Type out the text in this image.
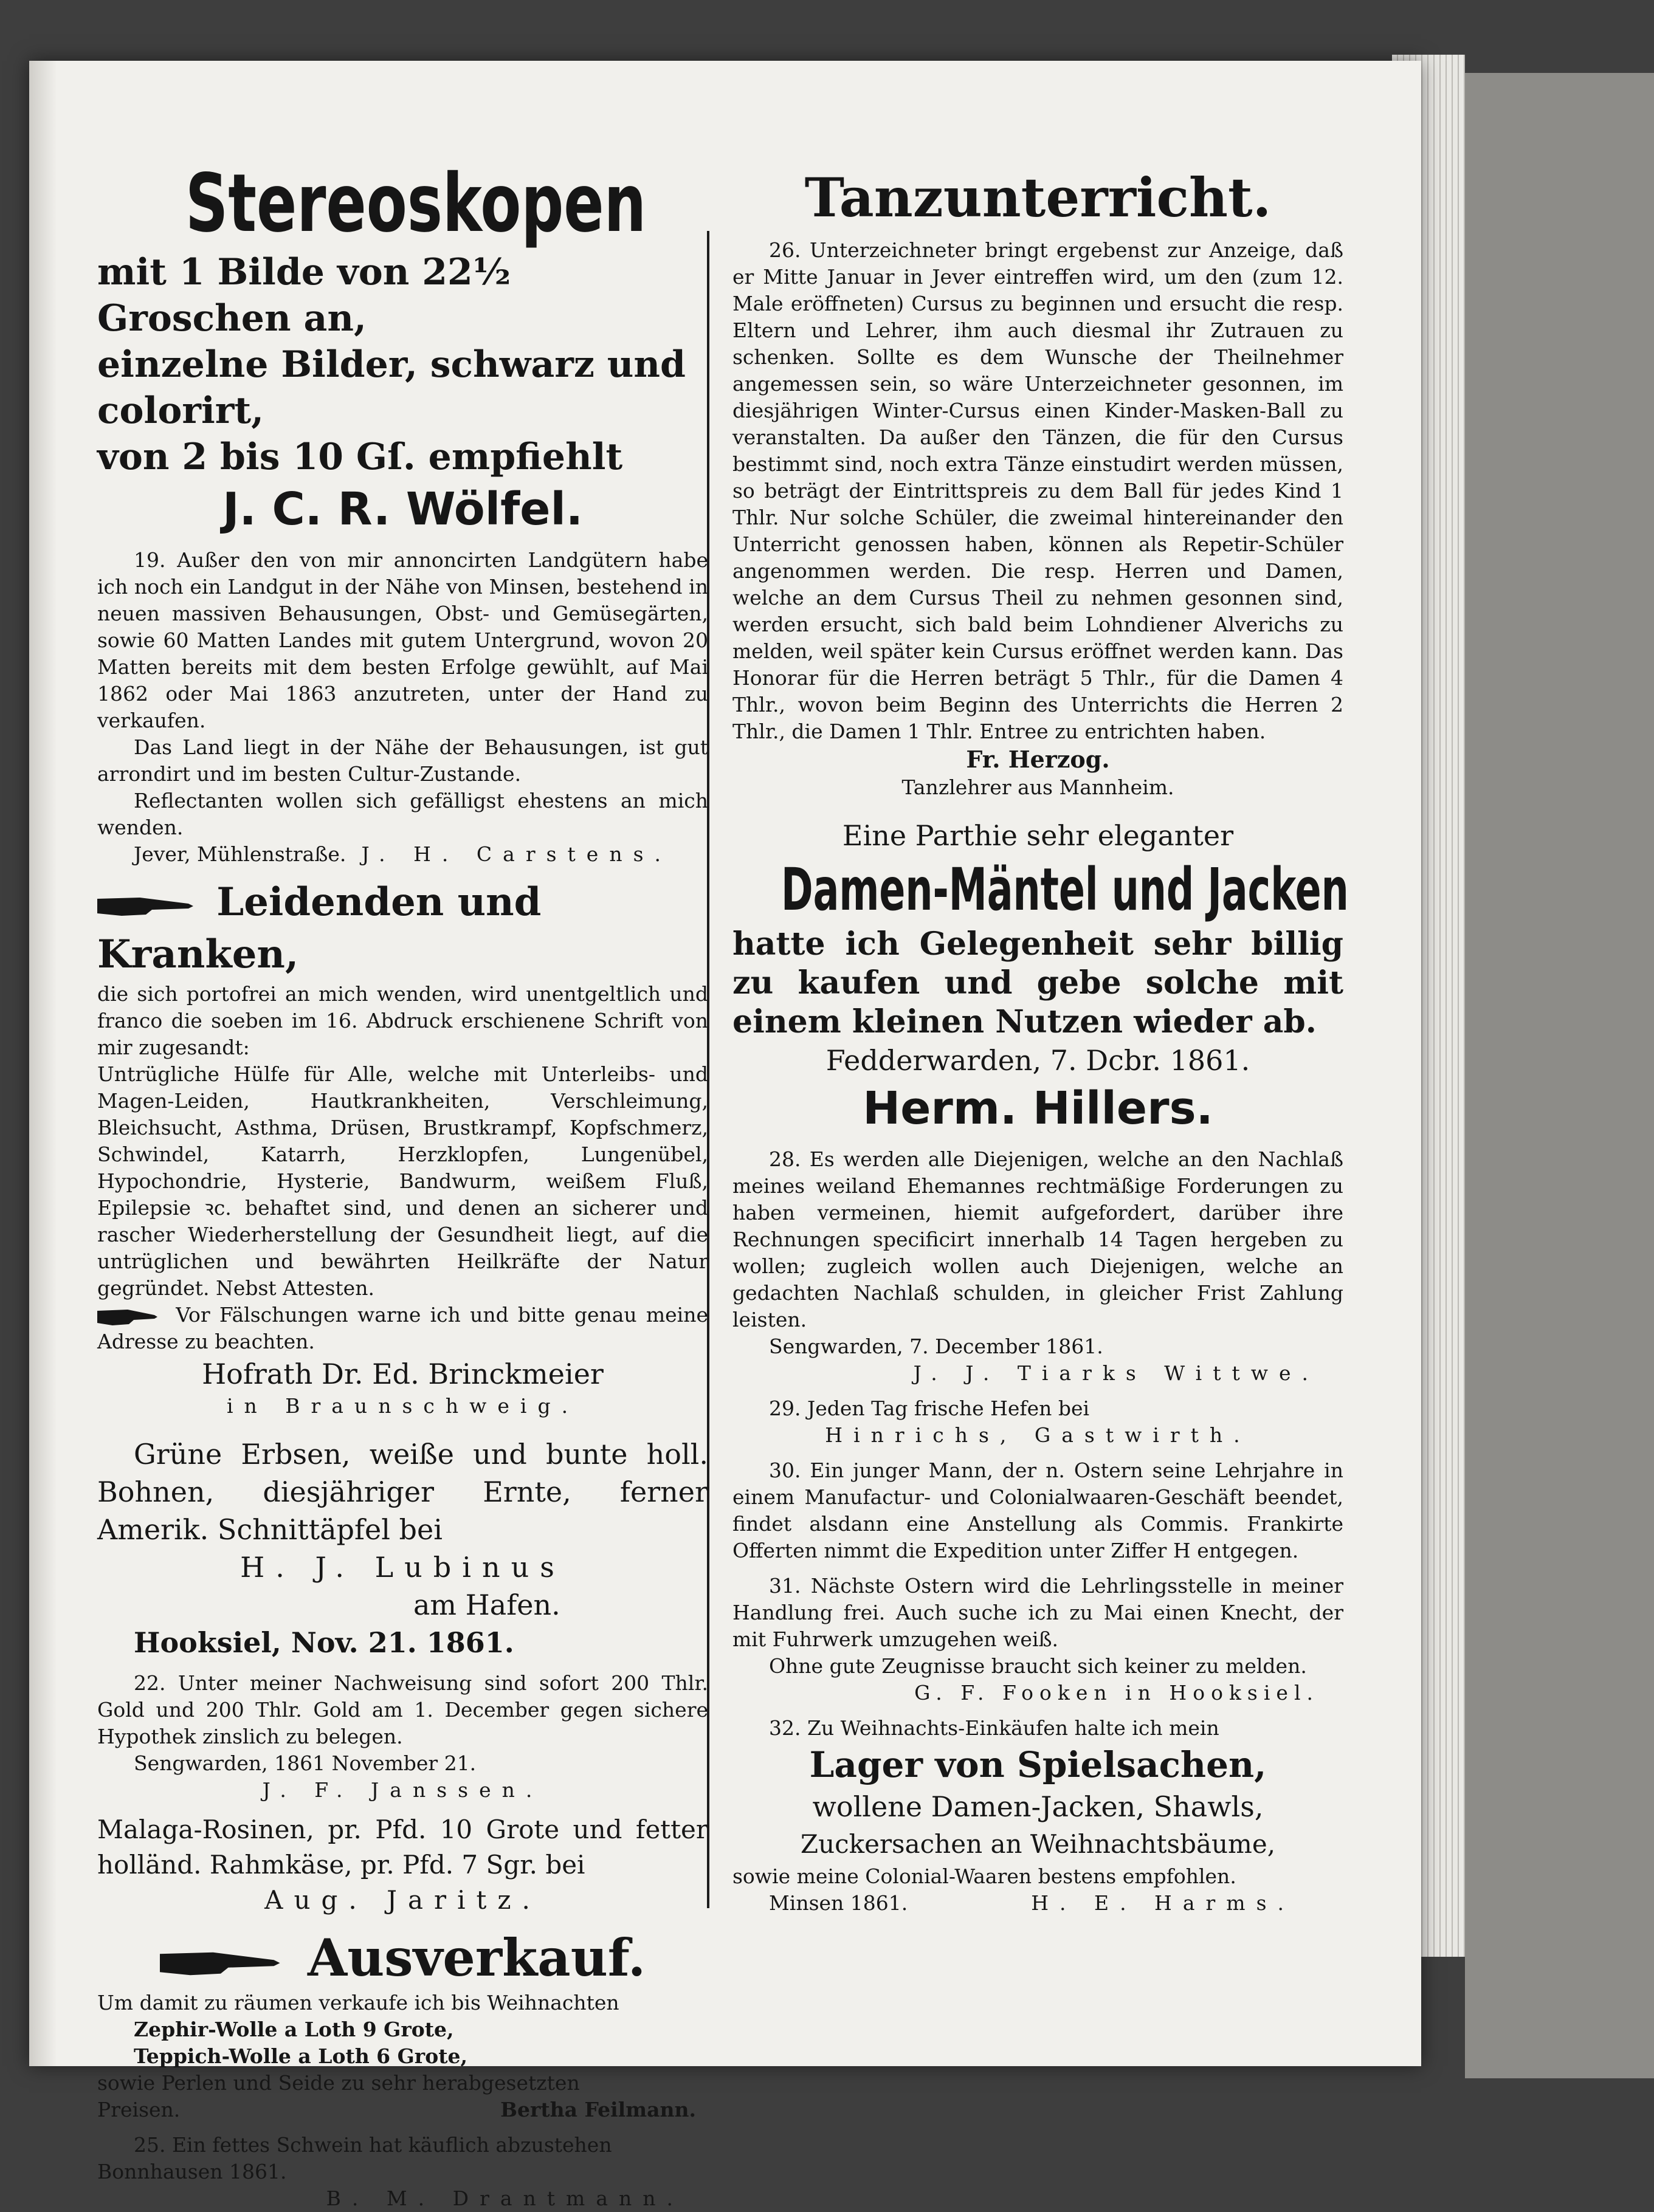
Stereoskopen

mit 1 Bilde von 22½ Groschen an,

einzelne Bilder, schwarz und colorirt,

von 2 bis 10 Gſ. empfiehlt

J. C. R. Wölfel.

19. Außer den von mir annoncirten Landgütern habe ich noch ein Landgut in der Nähe von Minsen, bestehend in neuen massiven Behausungen, Obst- und Gemüsegärten, sowie 60 Matten Landes mit gutem Untergrund, wovon 20 Matten bereits mit dem besten Erfolge gewühlt, auf Mai 1862 oder Mai 1863 anzutreten, unter der Hand zu verkaufen.

Das Land liegt in der Nähe der Behausungen, ist gut arrondirt und im besten Cultur-Zustande.

Reflectanten wollen sich gefälligst ehestens an mich wenden.

Jever, Mühlenstraße. J. H. Carstens.

Leidenden und Kranken,

die sich portofrei an mich wenden, wird unentgeltlich und franco die soeben im 16. Abdruck erschienene Schrift von mir zugesandt:

Untrügliche Hülfe für Alle, welche mit Unterleibs- und Magen-Leiden, Hautkrankheiten, Verschleimung, Bleichsucht, Asthma, Drüsen, Brustkrampf, Kopfschmerz, Schwindel, Katarrh, Herzklopfen, Lungenübel, Hypochondrie, Hysterie, Bandwurm, weißem Fluß, Epilepsie ꝛc. behaftet sind, und denen an sicherer und rascher Wiederherstellung der Gesundheit liegt, auf die untrüglichen und bewährten Heilkräfte der Natur gegründet. Nebst Attesten.

Vor Fälschungen warne ich und bitte genau meine Adresse zu beachten.

Hofrath Dr. Ed. Brinckmeier

in Braunschweig.

Grüne Erbsen, weiße und bunte holl. Bohnen, diesjähriger Ernte, ferner Amerik. Schnittäpfel bei

H. J. Lubinus

am Hafen.

Hooksiel, Nov. 21. 1861.

22. Unter meiner Nachweisung sind sofort 200 Thlr. Gold und 200 Thlr. Gold am 1. December gegen sichere Hypothek zinslich zu belegen.

Sengwarden, 1861 November 21.

J. F. Janssen.

Malaga-Rosinen, pr. Pfd. 10 Grote und fetter holländ. Rahmkäse, pr. Pfd. 7 Sgr. bei

Aug. Jaritz.

Ausverkauf.

Um damit zu räumen verkaufe ich bis Weihnachten

Zephir-Wolle a Loth 9 Grote,

Teppich-Wolle a Loth 6 Grote,

sowie Perlen und Seide zu sehr herabgesetzten

Preisen.	Bertha Feilmann.

25. Ein fettes Schwein hat käuflich abzustehen

Bonnhausen 1861.

B. M. Drantmann.

Tanzunterricht.

26. Unterzeichneter bringt ergebenst zur Anzeige, daß er Mitte Januar in Jever eintreffen wird, um den (zum 12. Male eröffneten) Cursus zu beginnen und ersucht die resp. Eltern und Lehrer, ihm auch diesmal ihr Zutrauen zu schenken. Sollte es dem Wunsche der Theilnehmer angemessen sein, so wäre Unterzeichneter gesonnen, im diesjährigen Winter-Cursus einen Kinder-Masken-Ball zu veranstalten. Da außer den Tänzen, die für den Cursus bestimmt sind, noch extra Tänze einstudirt werden müssen, so beträgt der Eintrittspreis zu dem Ball für jedes Kind 1 Thlr. Nur solche Schüler, die zweimal hintereinander den Unterricht genossen haben, können als Repetir-Schüler angenommen werden. Die resp. Herren und Damen, welche an dem Cursus Theil zu nehmen gesonnen sind, werden ersucht, sich bald beim Lohndiener Alverichs zu melden, weil später kein Cursus eröffnet werden kann. Das Honorar für die Herren beträgt 5 Thlr., für die Damen 4 Thlr., wovon beim Beginn des Unterrichts die Herren 2 Thlr., die Damen 1 Thlr. Entree zu entrichten haben.

Fr. Herzog.

Tanzlehrer aus Mannheim.

Eine Parthie sehr eleganter

Damen-Mäntel und Jacken

hatte ich Gelegenheit sehr billig zu kaufen und gebe solche mit einem kleinen Nutzen wieder ab.

Fedderwarden, 7. Dcbr. 1861.

Herm. Hillers.

28. Es werden alle Diejenigen, welche an den Nachlaß meines weiland Ehemannes rechtmäßige Forderungen zu haben vermeinen, hiemit aufgefordert, darüber ihre Rechnungen specificirt innerhalb 14 Tagen hergeben zu wollen; zugleich wollen auch Diejenigen, welche an gedachten Nachlaß schulden, in gleicher Frist Zahlung leisten.

Sengwarden, 7. December 1861.

J. J. Tiarks Wittwe.

29. Jeden Tag frische Hefen bei

Hinrichs, Gastwirth.

30. Ein junger Mann, der n. Ostern seine Lehrjahre in einem Manufactur- und Colonialwaaren-Geschäft beendet, findet alsdann eine Anstellung als Commis. Frankirte Offerten nimmt die Expedition unter Ziffer H entgegen.

31. Nächste Ostern wird die Lehrlingsstelle in meiner Handlung frei. Auch suche ich zu Mai einen Knecht, der mit Fuhrwerk umzugehen weiß.

Ohne gute Zeugnisse braucht sich keiner zu melden.

G. F. Fooken in Hooksiel.

32. Zu Weihnachts-Einkäufen halte ich mein

Lager von Spielsachen,

wollene Damen-Jacken, Shawls,

Zuckersachen an Weihnachtsbäume,

sowie meine Colonial-Waaren bestens empfohlen.

Minsen 1861.	H. E. Harms.
